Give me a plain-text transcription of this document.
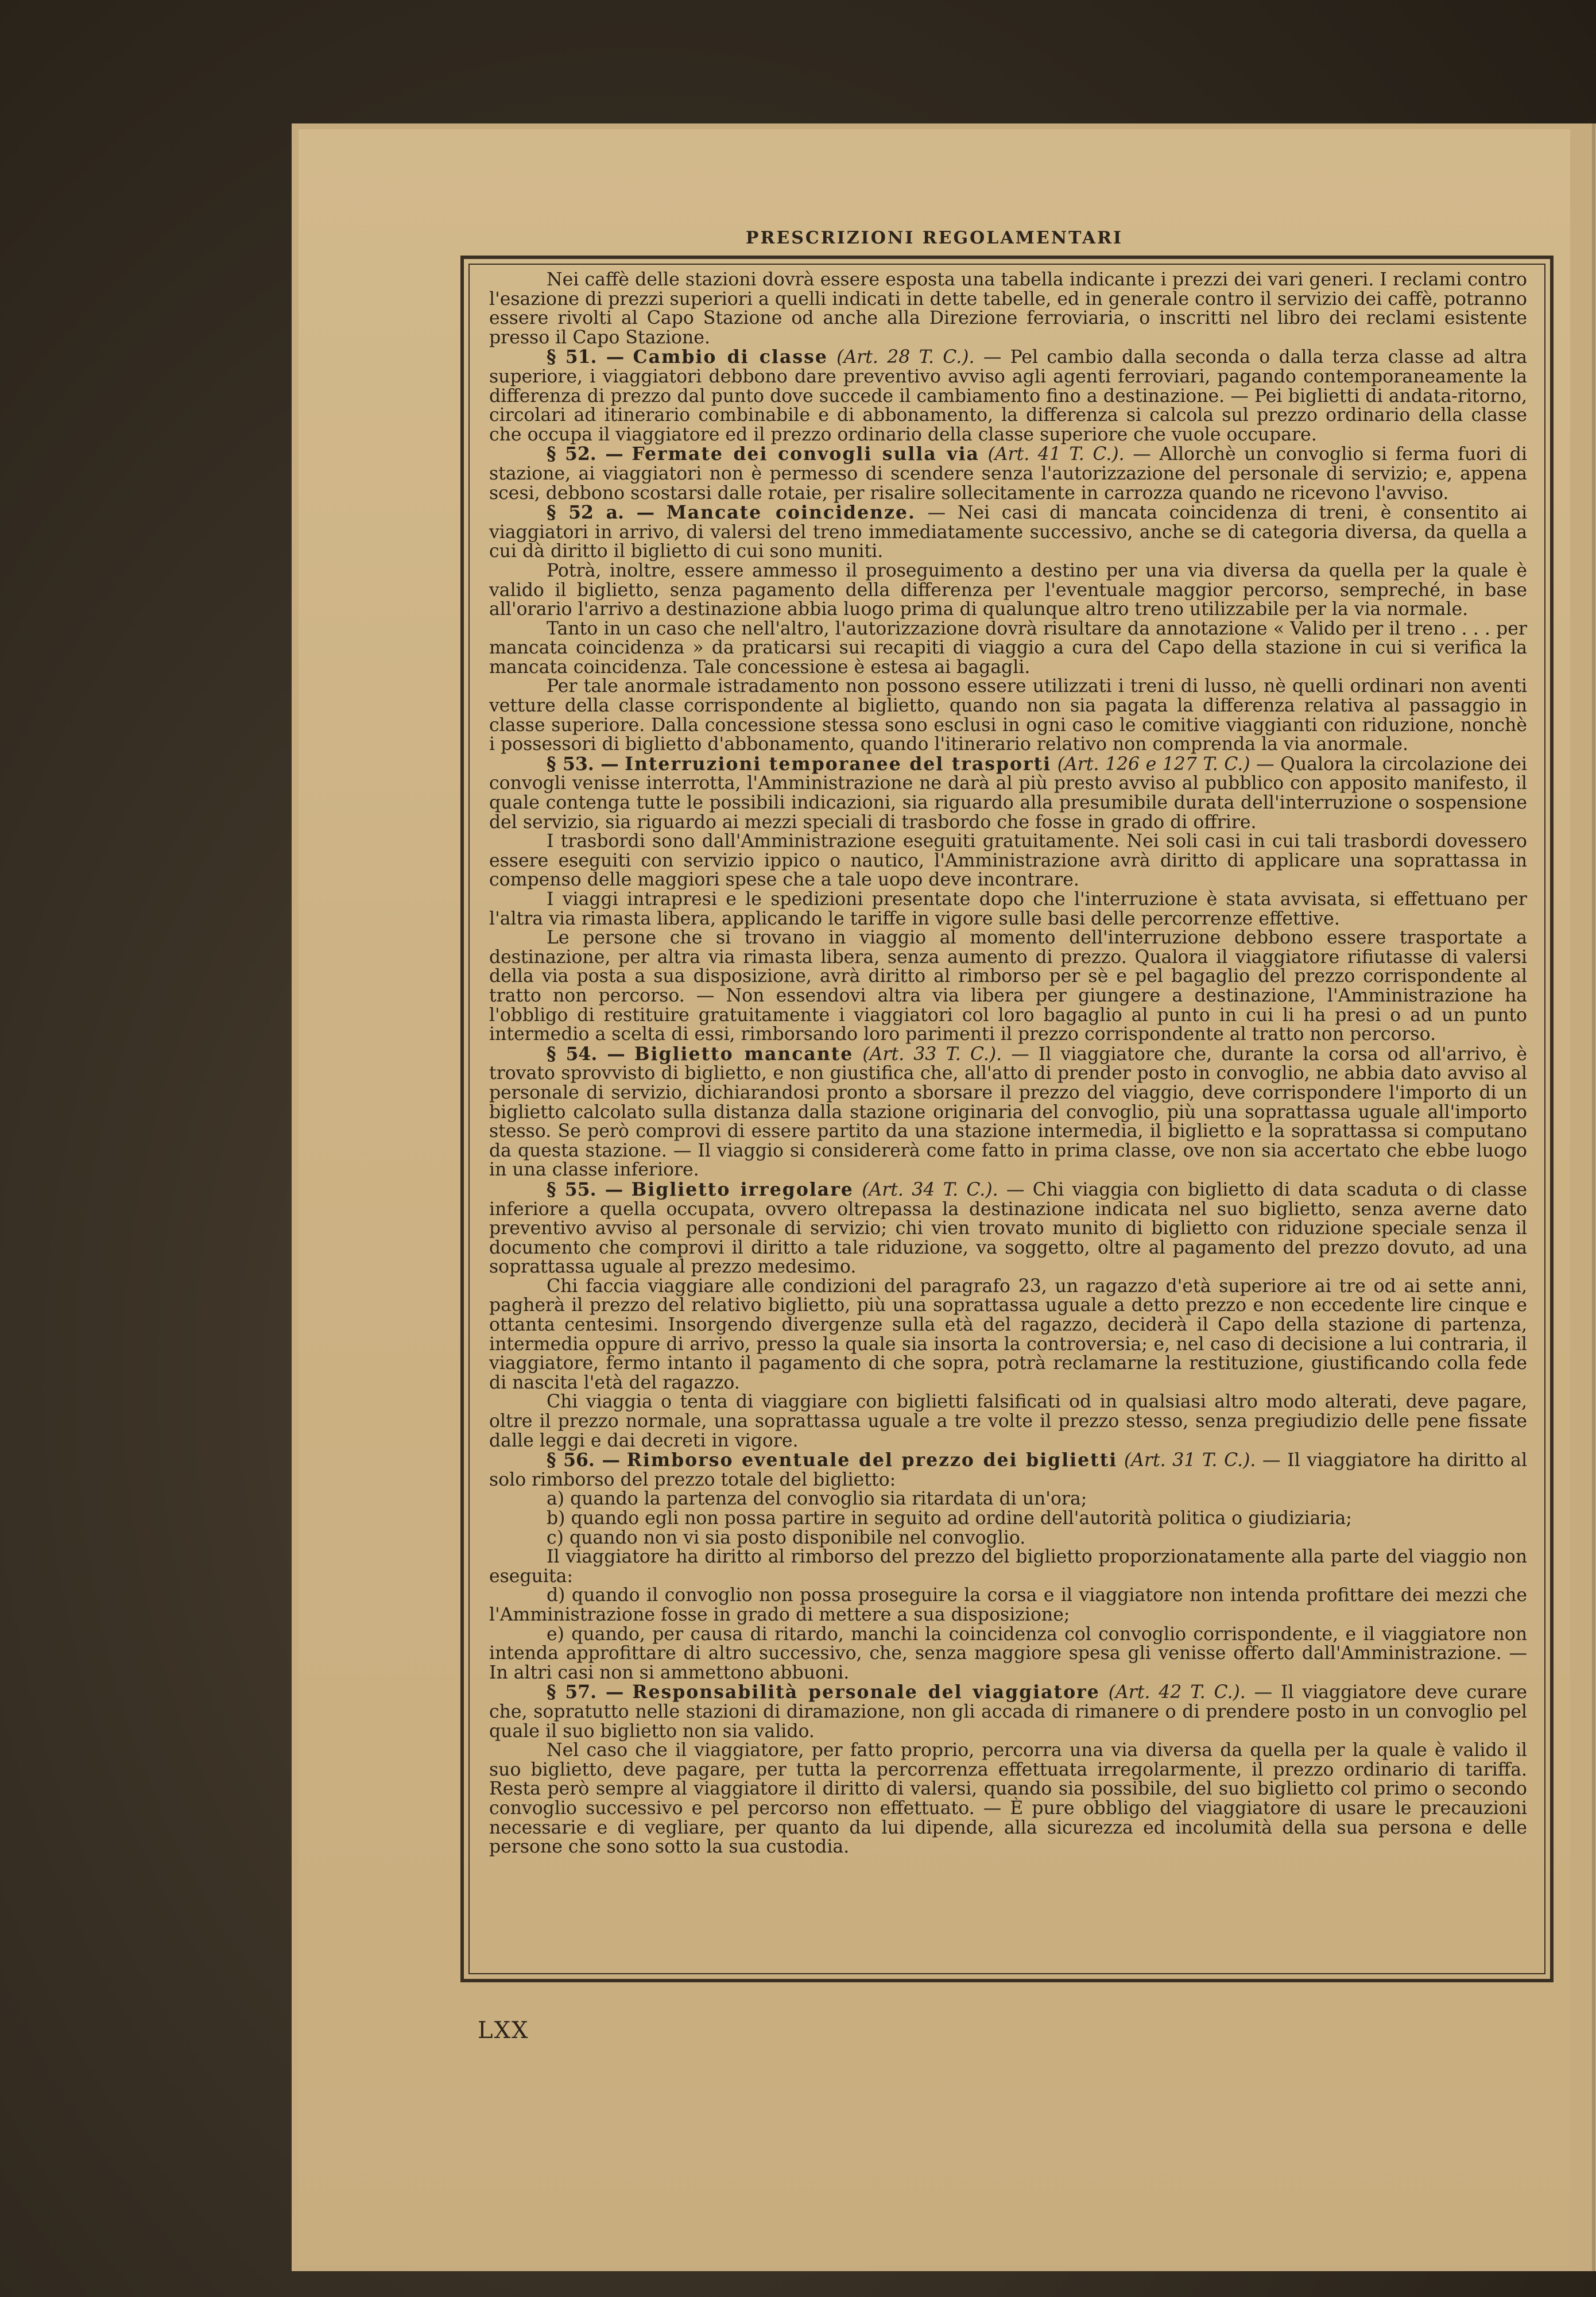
PRESCRIZIONI REGOLAMENTARI

Nei caffè delle stazioni dovrà essere esposta una tabella indicante i prezzi dei vari generi. I reclami contro l'esazione di prezzi superiori a quelli indicati in dette tabelle, ed in generale contro il servizio dei caffè, potranno essere rivolti al Capo Stazione od anche alla Direzione ferroviaria, o inscritti nel libro dei reclami esistente presso il Capo Stazione.

§ 51. — Cambio di classe (Art. 28 T. C.). — Pel cambio dalla seconda o dalla terza classe ad altra superiore, i viaggiatori debbono dare preventivo avviso agli agenti ferroviari, pagando contemporaneamente la differenza di prezzo dal punto dove succede il cambiamento fino a destinazione. — Pei biglietti di andata-ritorno, circolari ad itinerario combinabile e di abbonamento, la differenza si calcola sul prezzo ordinario della classe che occupa il viaggiatore ed il prezzo ordinario della classe superiore che vuole occupare.

§ 52. — Fermate dei convogli sulla via (Art. 41 T. C.). — Allorchè un convoglio si ferma fuori di stazione, ai viaggiatori non è permesso di scendere senza l'autorizzazione del personale di servizio; e, appena scesi, debbono scostarsi dalle rotaie, per risalire sollecitamente in carrozza quando ne ricevono l'avviso.

§ 52 a. — Mancate coincidenze. — Nei casi di mancata coincidenza di treni, è consentito ai viaggiatori in arrivo, di valersi del treno immediatamente successivo, anche se di categoria diversa, da quella a cui dà diritto il biglietto di cui sono muniti.

Potrà, inoltre, essere ammesso il proseguimento a destino per una via diversa da quella per la quale è valido il biglietto, senza pagamento della differenza per l'eventuale maggior percorso, sempreché, in base all'orario l'arrivo a destinazione abbia luogo prima di qualunque altro treno utilizzabile per la via normale.

Tanto in un caso che nell'altro, l'autorizzazione dovrà risultare da annotazione « Valido per il treno . . . per mancata coincidenza » da praticarsi sui recapiti di viaggio a cura del Capo della stazione in cui si verifica la mancata coincidenza. Tale concessione è estesa ai bagagli.

Per tale anormale istradamento non possono essere utilizzati i treni di lusso, nè quelli ordinari non aventi vetture della classe corrispondente al biglietto, quando non sia pagata la differenza relativa al passaggio in classe superiore. Dalla concessione stessa sono esclusi in ogni caso le comitive viaggianti con riduzione, nonchè i possessori di biglietto d'abbonamento, quando l'itinerario relativo non comprenda la via anormale.

§ 53. — Interruzioni temporanee del trasporti (Art. 126 e 127 T. C.) — Qualora la circolazione dei convogli venisse interrotta, l'Amministrazione ne darà al più presto avviso al pubblico con apposito manifesto, il quale contenga tutte le possibili indicazioni, sia riguardo alla presumibile durata dell'interruzione o sospensione del servizio, sia riguardo ai mezzi speciali di trasbordo che fosse in grado di offrire.

I trasbordi sono dall'Amministrazione eseguiti gratuitamente. Nei soli casi in cui tali trasbordi dovessero essere eseguiti con servizio ippico o nautico, l'Amministrazione avrà diritto di applicare una soprattassa in compenso delle maggiori spese che a tale uopo deve incontrare.

I viaggi intrapresi e le spedizioni presentate dopo che l'interruzione è stata avvisata, si effettuano per l'altra via rimasta libera, applicando le tariffe in vigore sulle basi delle percorrenze effettive.

Le persone che si trovano in viaggio al momento dell'interruzione debbono essere trasportate a destinazione, per altra via rimasta libera, senza aumento di prezzo. Qualora il viaggiatore rifiutasse di valersi della via posta a sua disposizione, avrà diritto al rimborso per sè e pel bagaglio del prezzo corrispondente al tratto non percorso. — Non essendovi altra via libera per giungere a destinazione, l'Amministrazione ha l'obbligo di restituire gratuitamente i viaggiatori col loro bagaglio al punto in cui li ha presi o ad un punto intermedio a scelta di essi, rimborsando loro parimenti il prezzo corrispondente al tratto non percorso.

§ 54. — Biglietto mancante (Art. 33 T. C.). — Il viaggiatore che, durante la corsa od all'arrivo, è trovato sprovvisto di biglietto, e non giustifica che, all'atto di prender posto in convoglio, ne abbia dato avviso al personale di servizio, dichiarandosi pronto a sborsare il prezzo del viaggio, deve corrispondere l'importo di un biglietto calcolato sulla distanza dalla stazione originaria del convoglio, più una soprattassa uguale all'importo stesso. Se però comprovi di essere partito da una stazione intermedia, il biglietto e la soprattassa si computano da questa stazione. — Il viaggio si considererà come fatto in prima classe, ove non sia accertato che ebbe luogo in una classe inferiore.

§ 55. — Biglietto irregolare (Art. 34 T. C.). — Chi viaggia con biglietto di data scaduta o di classe inferiore a quella occupata, ovvero oltrepassa la destinazione indicata nel suo biglietto, senza averne dato preventivo avviso al personale di servizio; chi vien trovato munito di biglietto con riduzione speciale senza il documento che comprovi il diritto a tale riduzione, va soggetto, oltre al pagamento del prezzo dovuto, ad una soprattassa uguale al prezzo medesimo.

Chi faccia viaggiare alle condizioni del paragrafo 23, un ragazzo d'età superiore ai tre od ai sette anni, pagherà il prezzo del relativo biglietto, più una soprattassa uguale a detto prezzo e non eccedente lire cinque e ottanta centesimi. Insorgendo divergenze sulla età del ragazzo, deciderà il Capo della stazione di partenza, intermedia oppure di arrivo, presso la quale sia insorta la controversia; e, nel caso di decisione a lui contraria, il viaggiatore, fermo intanto il pagamento di che sopra, potrà reclamarne la restituzione, giustificando colla fede di nascita l'età del ragazzo.

Chi viaggia o tenta di viaggiare con biglietti falsificati od in qualsiasi altro modo alterati, deve pagare, oltre il prezzo normale, una soprattassa uguale a tre volte il prezzo stesso, senza pregiudizio delle pene fissate dalle leggi e dai decreti in vigore.

§ 56. — Rimborso eventuale del prezzo dei biglietti (Art. 31 T. C.). — Il viaggiatore ha diritto al solo rimborso del prezzo totale del biglietto:

a) quando la partenza del convoglio sia ritardata di un'ora;

b) quando egli non possa partire in seguito ad ordine dell'autorità politica o giudiziaria;

c) quando non vi sia posto disponibile nel convoglio.

Il viaggiatore ha diritto al rimborso del prezzo del biglietto proporzionatamente alla parte del viaggio non eseguita:

d) quando il convoglio non possa proseguire la corsa e il viaggiatore non intenda profittare dei mezzi che l'Amministrazione fosse in grado di mettere a sua disposizione;

e) quando, per causa di ritardo, manchi la coincidenza col convoglio corrispondente, e il viaggiatore non intenda approfittare di altro successivo, che, senza maggiore spesa gli venisse offerto dall'Amministrazione. — In altri casi non si ammettono abbuoni.

§ 57. — Responsabilità personale del viaggiatore (Art. 42 T. C.). — Il viaggiatore deve curare che, sopratutto nelle stazioni di diramazione, non gli accada di rimanere o di prendere posto in un convoglio pel quale il suo biglietto non sia valido.

Nel caso che il viaggiatore, per fatto proprio, percorra una via diversa da quella per la quale è valido il suo biglietto, deve pagare, per tutta la percorrenza effettuata irregolarmente, il prezzo ordinario di tariffa. Resta però sempre al viaggiatore il diritto di valersi, quando sia possibile, del suo biglietto col primo o secondo convoglio successivo e pel percorso non effettuato. — È pure obbligo del viaggiatore di usare le precauzioni necessarie e di vegliare, per quanto da lui dipende, alla sicurezza ed incolumità della sua persona e delle persone che sono sotto la sua custodia.

LXX
